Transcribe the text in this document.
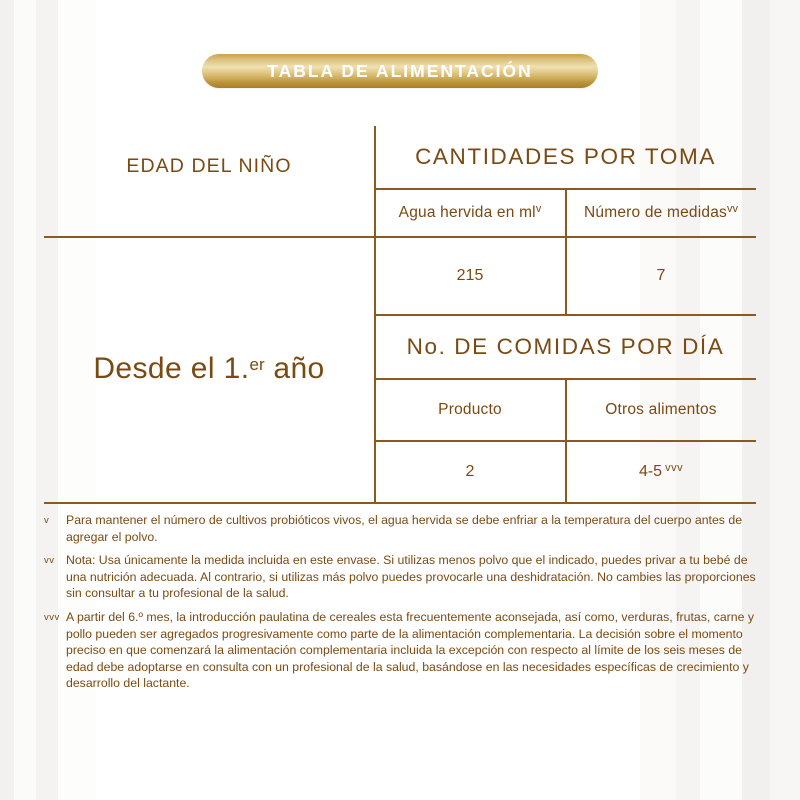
TABLA DE ALIMENTACIÓN
EDAD DEL NIÑO
Desde el 1.$^{er}$ año
CANTIDADES POR TOMA
Agua hervida en $ml^v$	Número de medidas$^{vv}$
215	7
No. DE COMIDAS POR DÍA
Producto	Otros alimentos
2	4-5 $^{vvv}$
v	Para mantener el número de cultivos probióticos vivos, el agua hervida se debe enfriar a la temperatura del cuerpo antes de agregar el polvo.
vv Nota: Usa únicamente la medida incluida en este envase. Si utilizas menos polvo que el indicado, puedes privar a tu bebé de una nutrición adecuada. Al contrario, si utilizas más polvo puedes provocarle una deshidratación. No cambies las proporciones sin consultar a tu profesional de la salud.
vvv A partir del 6.º mes, la introducción paulatina de cereales esta frecuentemente aconsejada, así como, verduras, frutas, carne y pollo pueden ser agregados progresivamente como parte de la alimentación complementaria. La decisión sobre el momento preciso en que comenzará la alimentación complementaria incluida la excepción con respecto al límite de los seis meses de edad debe adoptarse en consulta con un profesional de la salud, basándose en las necesidades específicas de crecimiento y desarrollo del lactante.
